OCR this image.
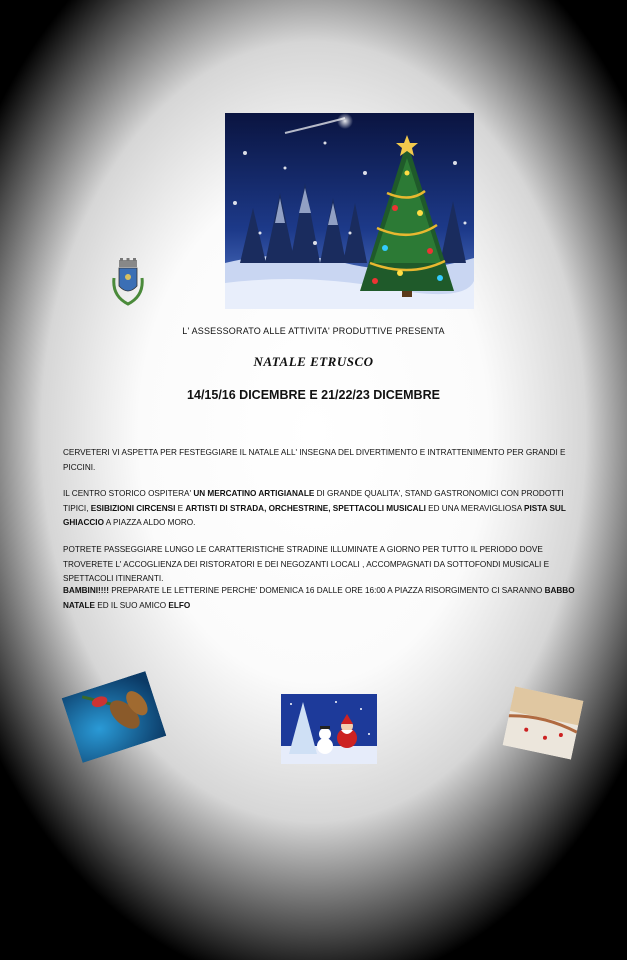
L' ASSESSORATO ALLE ATTIVITA' PRODUTTIVE PRESENTA
NATALE ETRUSCO
14/15/16 DICEMBRE E 21/22/23 DICEMBRE
CERVETERI VI ASPETTA PER FESTEGGIARE IL NATALE ALL' INSEGNA DEL DIVERTIMENTO E INTRATTENIMENTO PER GRANDI E PICCINI.
IL CENTRO STORICO OSPITERA' UN MERCATINO ARTIGIANALE DI GRANDE QUALITA', STAND GASTRONOMICI CON PRODOTTI TIPICI, ESIBIZIONI CIRCENSI E ARTISTI DI STRADA, ORCHESTRINE, SPETTACOLI MUSICALI ED UNA MERAVIGLIOSA PISTA SUL GHIACCIO A PIAZZA ALDO MORO.
POTRETE PASSEGGIARE LUNGO LE CARATTERISTICHE STRADINE ILLUMINATE A GIORNO PER TUTTO IL PERIODO DOVE TROVERETE L' ACCOGLIENZA DEI RISTORATORI E DEI NEGOZANTI LOCALI , ACCOMPAGNATI DA SOTTOFONDI MUSICALI E SPETTACOLI ITINERANTI.
BAMBINI!!!! PREPARATE LE LETTERINE PERCHE' DOMENICA 16 DALLE ORE 16:00 A PIAZZA RISORGIMENTO CI SARANNO BABBO NATALE ED IL SUO AMICO ELFO
